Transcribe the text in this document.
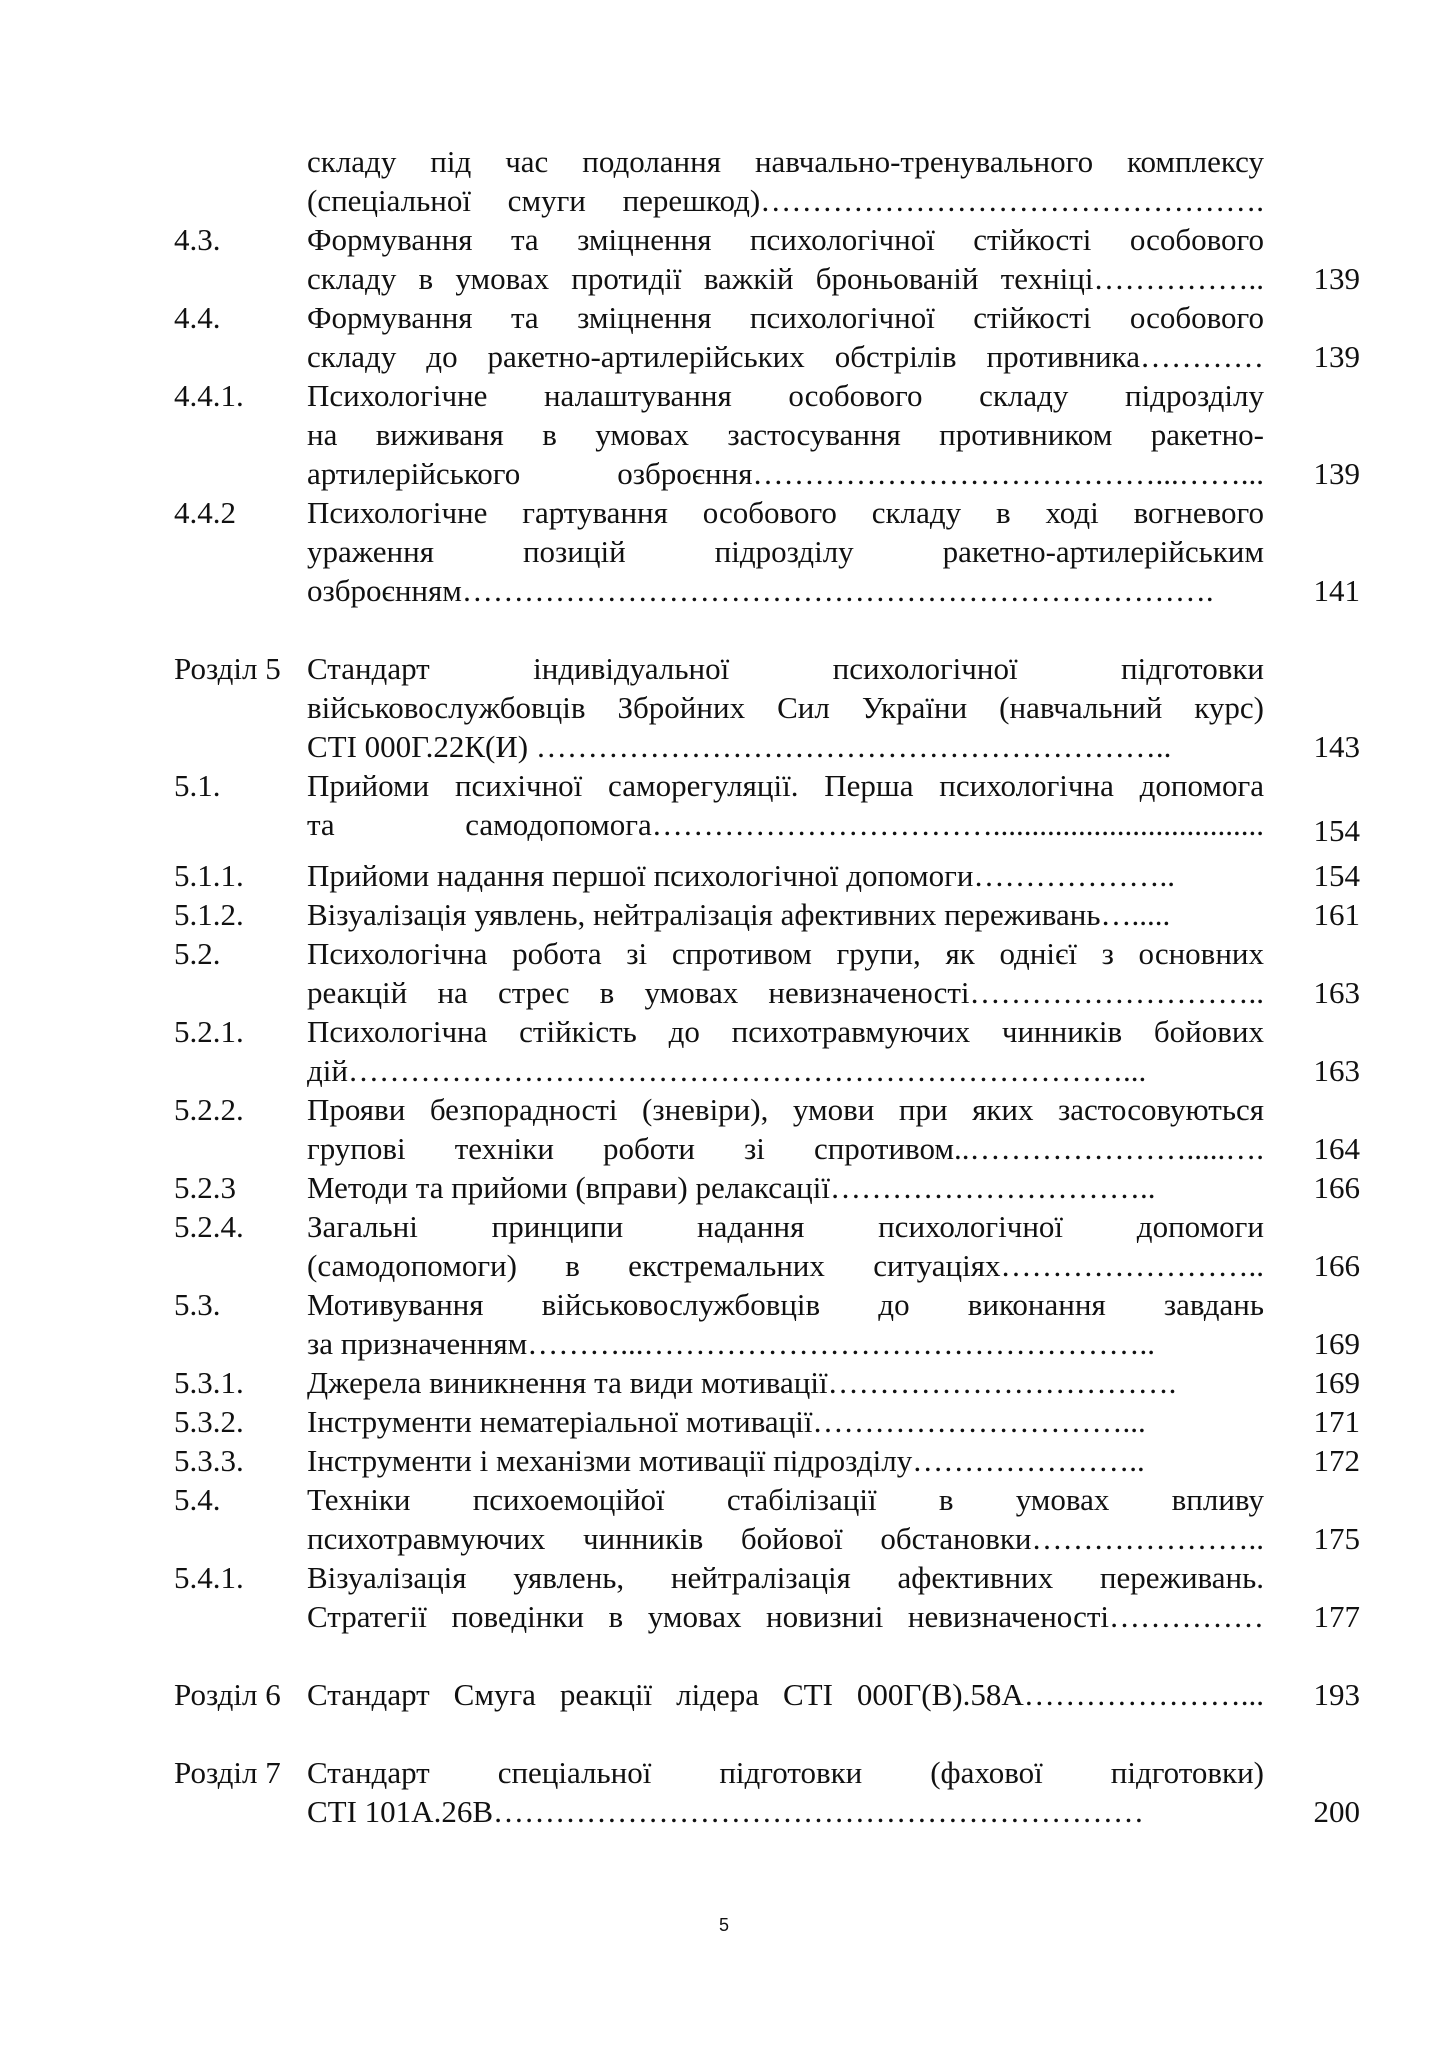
складу під час подолання навчально-тренувального комплексу
(спеціальної смуги перешкод)………………………………………….
4.3.	Формування та зміцнення психологічної стійкості особового
складу в умовах протидії важкій броньованій техніці…………….. 139
4.4.	Формування та зміцнення психологічної стійкості особового
складу до ракетно-артилерійських обстрілів противника………… 139
4.4.1. Психологічне налаштування особового складу підрозділу
на виживаня в умовах застосування противником ракетно-
артилерійського озброєння…………………………………...……... 139
4.4.2 Психологічне гартування особового складу в ході вогневого
ураження позицій підрозділу ракетно-артилерійським
озброєнням……………………………………………………………….	141
Розділ 5 Стандарт індивідуальної психологічної підготовки
військовослужбовців Збройних Сил України (навчальний курс)
СТІ 000Г.22К(И) ……………………………………………………..	143
5.1.	Прийоми психічної саморегуляції. Перша психологічна допомога
та самодопомога……………………………................................... 154
5.1.1. Прийоми надання першої психологічної допомоги………………..	154
5.1.2. Візуалізація уявлень, нейтралізація афективних переживань….....	161
5.2.	Психологічна робота зі спротивом групи, як однієї з основних
реакцій на стрес в умовах невизначеності……………………….. 163
5.2.1. Психологічна стійкість до психотравмуючих чинників бойових
дій…………………………………………………………………...	163
5.2.2. Прояви безпорадності (зневіри), умови при яких застосовуються
групові техніки роботи зі спротивом..………………….....…. 164
5.2.3 Методи та прийоми (вправи) релаксації…………………………..	166
5.2.4. Загальні принципи надання психологічної допомоги
(самодопомоги) в екстремальних ситуаціях…………………….. 166
5.3.	Мотивування військовослужбовців до виконання завдань
за призначенням………...…………………………………………..	169
5.3.1. Джерела виникнення та види мотивації…………………………….	169
5.3.2. Інструменти нематеріальної мотивації…………………………...	171
5.3.3. Інструменти і механізми мотивації підрозділу…………………..	172
5.4.	Техніки психоемоційої стабілізації в умовах впливу
психотравмуючих чинників бойової обстановки………………….. 175
5.4.1. Візуалізація уявлень, нейтралізація афективних переживань.
Стратегії поведінки в умовах новизниі невизначеності…………… 177
Розділ 6 Стандарт Смуга реакції лідера СТІ 000Г(В).58А…………………... 193
Розділ 7 Стандарт спеціальної підготовки (фахової підготовки)
СТІ 101А.26В………………………………………………………	200
5
